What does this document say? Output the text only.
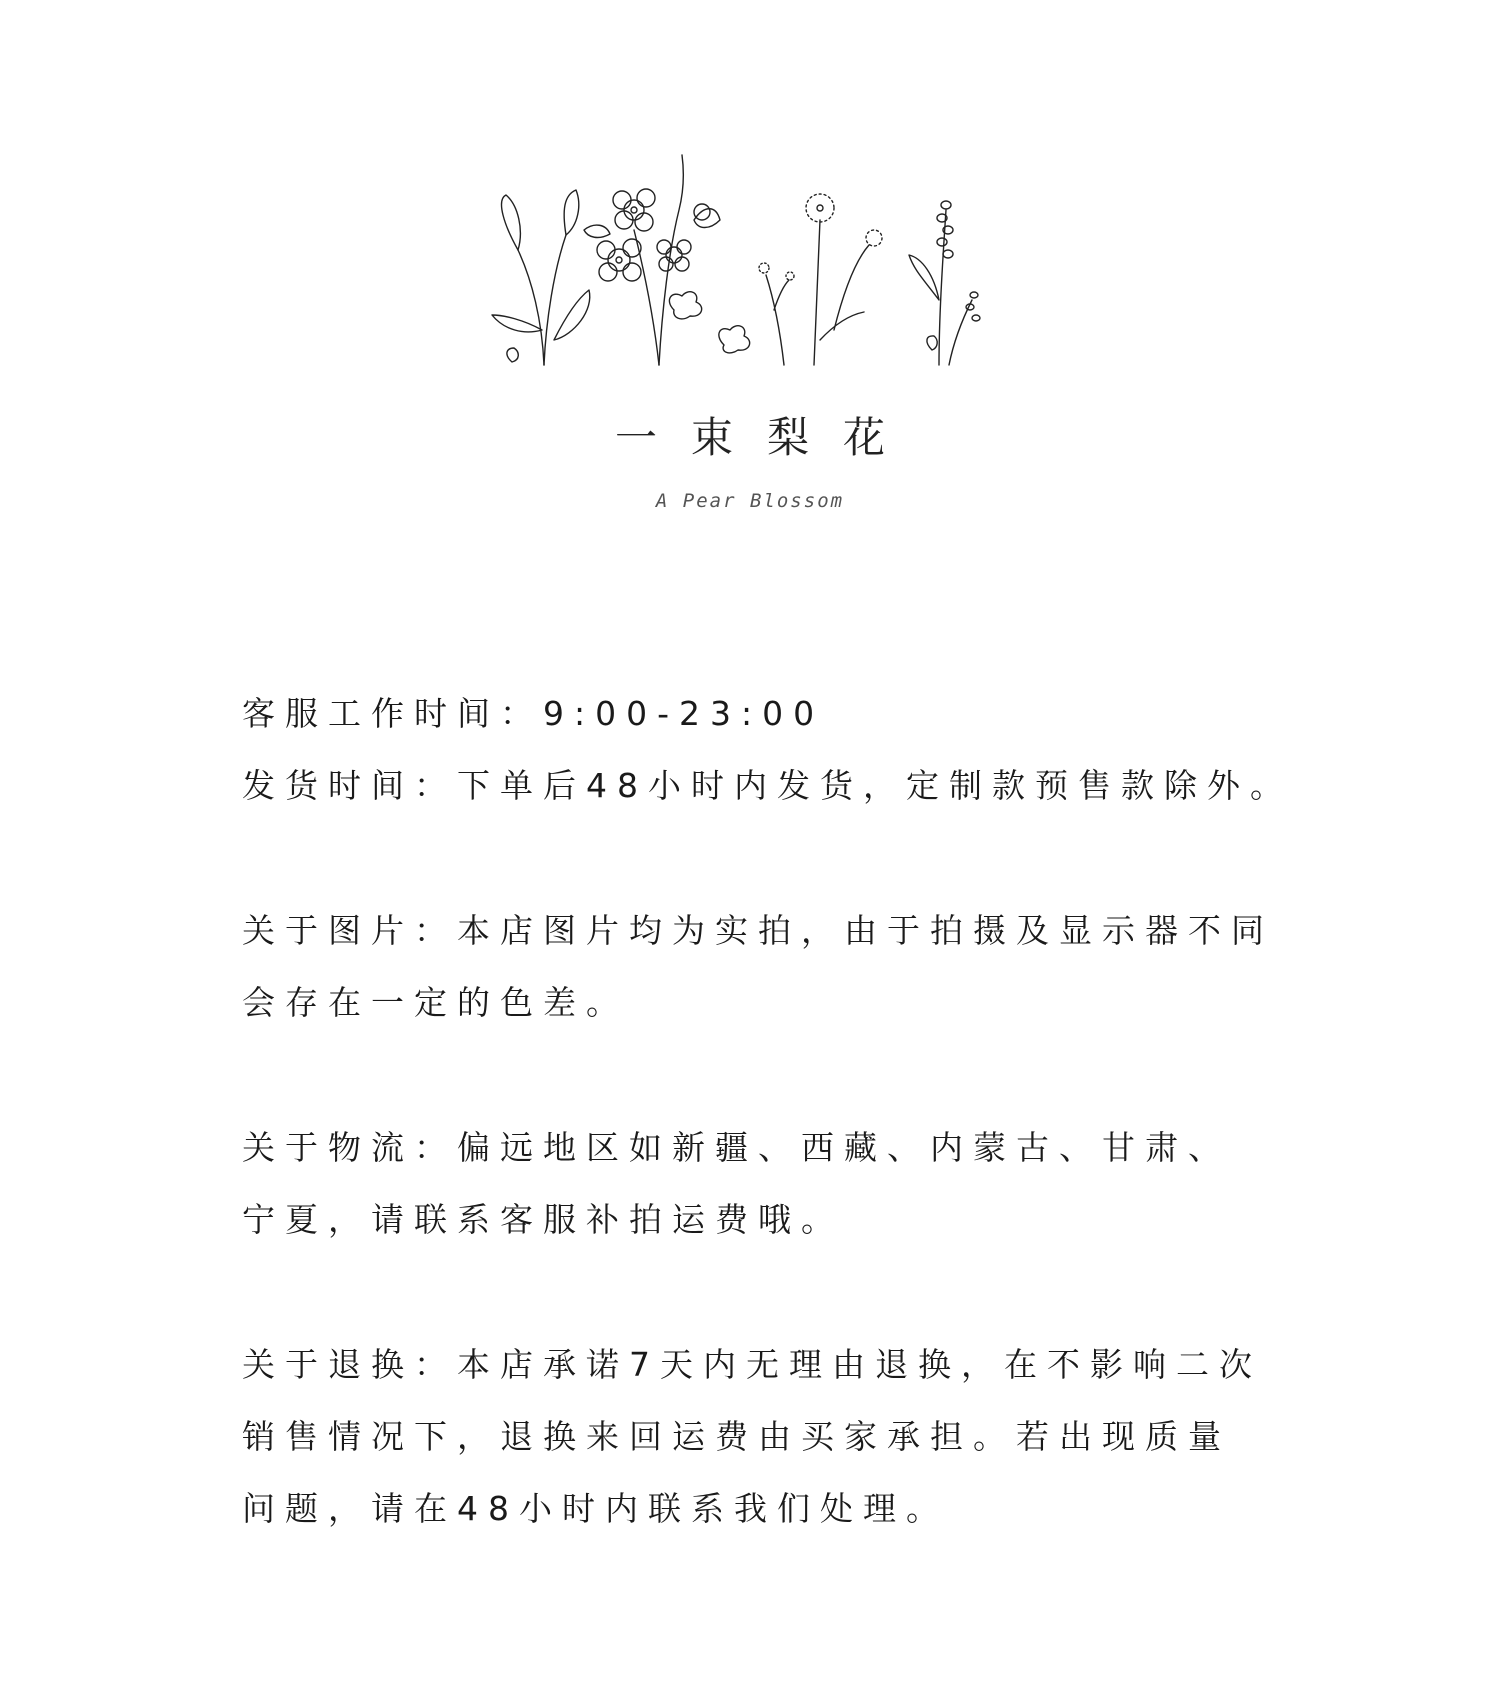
一束梨花
A Pear Blossom
客服工作时间：9:00-23:00
发货时间：下单后48小时内发货，定制款预售款除外。
关于图片：本店图片均为实拍，由于拍摄及显示器不同
会存在一定的色差。
关于物流：偏远地区如新疆、西藏、内蒙古、甘肃、
宁夏，请联系客服补拍运费哦。
关于退换：本店承诺7天内无理由退换，在不影响二次
销售情况下，退换来回运费由买家承担。若出现质量
问题，请在48小时内联系我们处理。
